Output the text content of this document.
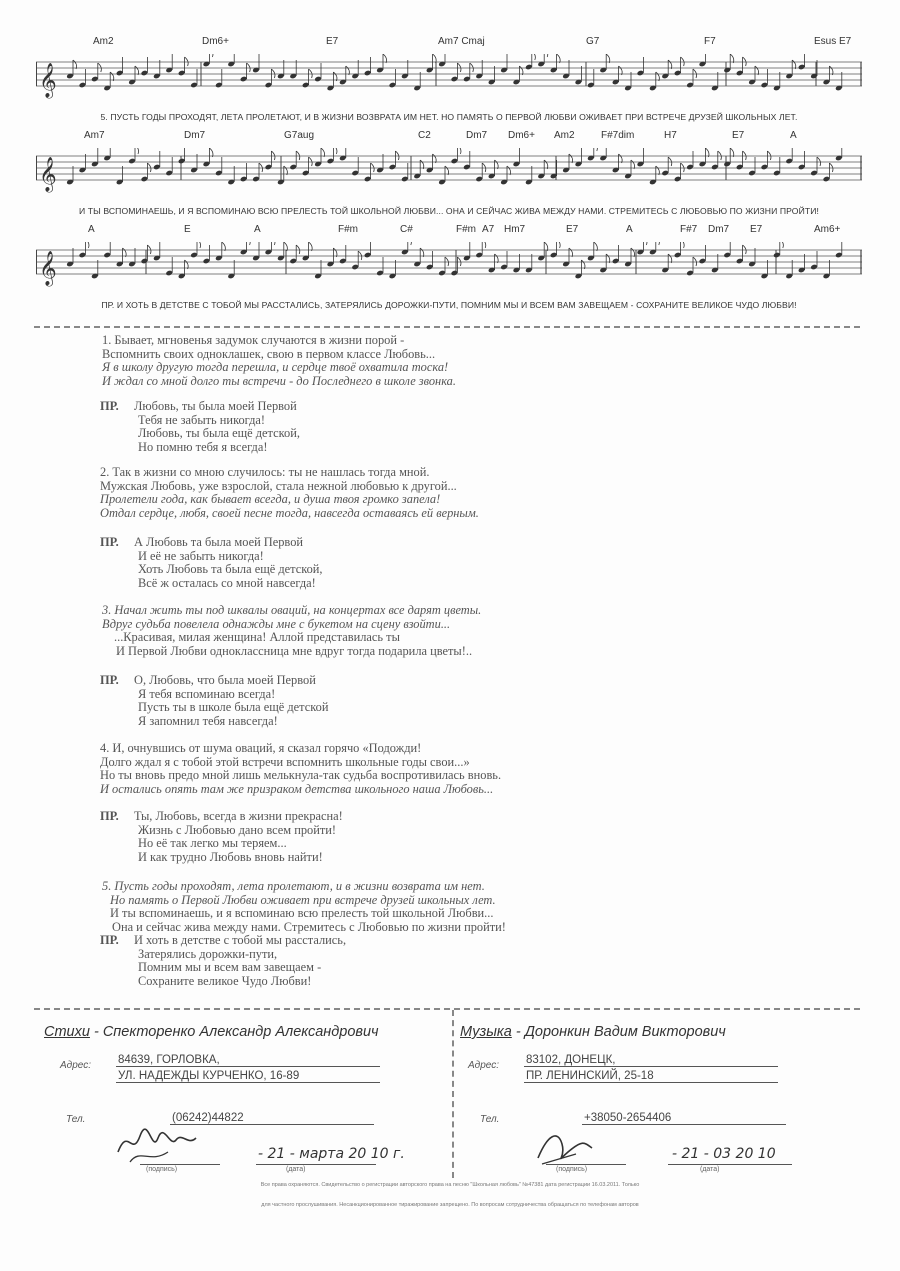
Am2	Dm6+	E7	Am7 Cmaj	G7	F7	Esus E7
𝄞
5. ПУСТЬ ГОДЫ ПРОХОДЯТ, ЛЕТА ПРОЛЕТАЮТ, И В ЖИЗНИ ВОЗВРАТА ИМ НЕТ. НО ПАМЯТЬ О ПЕРВОЙ ЛЮБВИ ОЖИВАЕТ ПРИ ВСТРЕЧЕ ДРУЗЕЙ ШКОЛЬНЫХ ЛЕТ.
Am7	Dm7	G7aug	C2	Dm7 Dm6+ Am2	F#7dim	H7	E7	A
𝄞
И ТЫ ВСПОМИНАЕШЬ, И Я ВСПОМИНАЮ ВСЮ ПРЕЛЕСТЬ ТОЙ ШКОЛЬНОЙ ЛЮБВИ... ОНА И СЕЙЧАС ЖИВА МЕЖДУ НАМИ. СТРЕМИТЕСЬ С ЛЮБОВЬЮ ПО ЖИЗНИ ПРОЙТИ!
A	E	A	F#m	C#	F#m A7 Hm7	E7	A	F#7 Dm7 E7	Am6+
𝄞
ПР. И ХОТЬ В ДЕТСТВЕ С ТОБОЙ МЫ РАССТАЛИСЬ, ЗАТЕРЯЛИСЬ ДОРОЖКИ-ПУТИ, ПОМНИМ МЫ И ВСЕМ ВАМ ЗАВЕЩАЕМ - СОХРАНИТЕ ВЕЛИКОЕ ЧУДО ЛЮБВИ!
1. Бывает, мгновенья задумок случаются в жизни порой -
Вспомнить своих одноклашек, свою в первом классе Любовь...
Я в школу другую тогда перешла, и сердце твоё охватила тоска!
И ждал со мной долго ты встречи - до Последнего в школе звонка.
ПР. Любовь, ты была моей Первой
Тебя не забыть никогда!
Любовь, ты была ещё детской,
Но помню тебя я всегда!
2. Так в жизни со мною случилось: ты не нашлась тогда мной.
Мужская Любовь, уже взрослой, стала нежной любовью к другой...
Пролетели года, как бывает всегда, и душа твоя громко запела!
Отдал сердце, любя, своей песне тогда, навсегда оставаясь ей верным.
ПР. А Любовь та была моей Первой
И её не забыть никогда!
Хоть Любовь та была ещё детской,
Всё ж осталась со мной навсегда!
3. Начал жить ты под шквалы оваций, на концертах все дарят цветы.
Вдруг судьба повелела однажды мне с букетом на сцену взойти...
...Красивая, милая женщина! Аллой представилась ты
И Первой Любви одноклассница мне вдруг тогда подарила цветы!..
ПР. О, Любовь, что была моей Первой
Я тебя вспоминаю всегда!
Пусть ты в школе была ещё детской
Я запомнил тебя навсегда!
4. И, очнувшись от шума оваций, я сказал горячо «Подожди!
Долго ждал я с тобой этой встречи вспомнить школьные годы свои...»
Но ты вновь предо мной лишь мелькнула-так судьба воспротивилась вновь.
И остались опять там же призраком детства школьного наша Любовь...
ПР. Ты, Любовь, всегда в жизни прекрасна!
Жизнь с Любовью дано всем пройти!
Но её так легко мы теряем...
И как трудно Любовь вновь найти!
5. Пусть годы проходят, лета пролетают, и в жизни возврата им нет.
Но память о Первой Любви оживает при встрече друзей школьных лет.
И ты вспоминаешь, и я вспоминаю всю прелесть той школьной Любви...
Она и сейчас жива между нами. Стремитесь с Любовью по жизни пройти!
ПР. И хоть в детстве с тобой мы расстались,
Затерялись дорожки-пути,
Помним мы и всем вам завещаем -
Сохраните великое Чудо Любви!
Стихи - Спекторенко Александр Александрович	Музыка - Доронкин Вадим Викторович
Адрес: 84639, ГОРЛОВКА,
УЛ. НАДЕЖДЫ КУРЧЕНКО, 16-89
Тел.	(06242)44822
- 21 - марта 20 10 г.
(подпись)	(дата)
Адрес: 83102, ДОНЕЦК,
ПР. ЛЕНИНСКИЙ, 25-18
Тел.	+38050-2654406
- 21 - 03 20 10
(подпись)	(дата)
Все права охраняются. Свидетельство о регистрации авторского права на песню "Школьная любовь" №47381 дата регистрации 16.03.2011. Только
для частного прослушивания. Несанкционированное тиражирование запрещено. По вопросам сотрудничества обращаться по телефонам авторов
